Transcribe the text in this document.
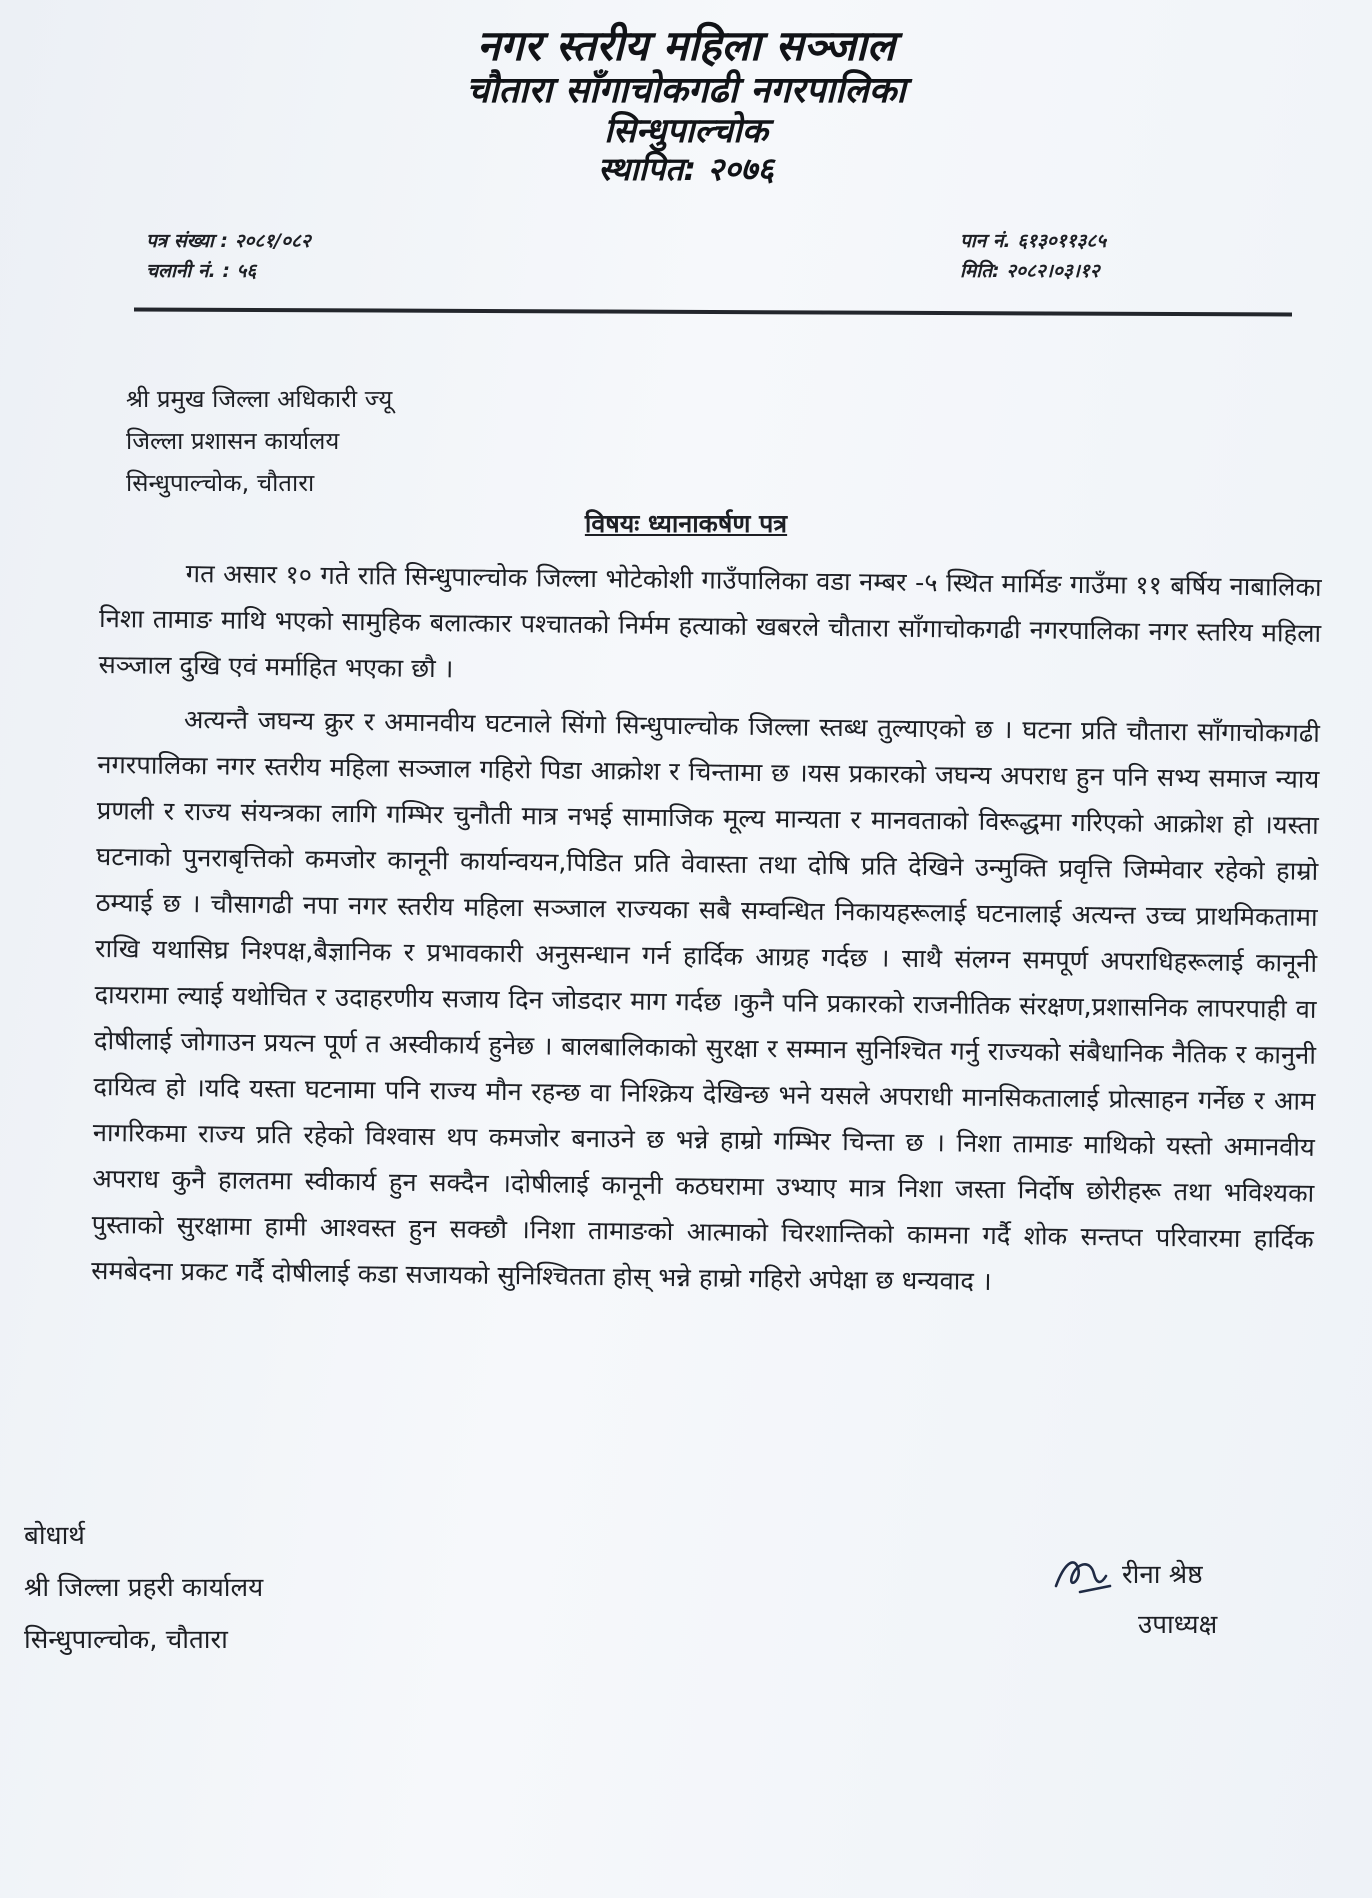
नगर स्तरीय महिला सञ्जाल
चौतारा साँगाचोकगढी नगरपालिका
सिन्धुपाल्चोक
स्थापित: २०७६
पत्र संख्या : २०८१/०८२
चलानी नं. : ५६
पान नं. ६१३०११३८५
मिति: २०८२।०३।१२
श्री प्रमुख जिल्ला अधिकारी ज्यू
जिल्ला प्रशासन कार्यालय
सिन्धुपाल्चोक, चौतारा
विषयः ध्यानाकर्षण पत्र

गत असार १० गते राति सिन्धुपाल्चोक जिल्ला भोटेकोशी गाउँपालिका वडा नम्बर -५ स्थित मार्मिङ गाउँमा ११ बर्षिय नाबालिका निशा तामाङ माथि भएको सामुहिक बलात्कार पश्चातको निर्मम हत्याको खबरले चौतारा साँगाचोकगढी नगरपालिका नगर स्तरिय महिला सञ्जाल दुखि एवं मर्माहित भएका छौ ।

अत्यन्तै जघन्य क्रुर र अमानवीय घटनाले सिंगो सिन्धुपाल्चोक जिल्ला स्तब्ध तुल्याएको छ । घटना प्रति चौतारा साँगाचोकगढी नगरपालिका नगर स्तरीय महिला सञ्जाल गहिरो पिडा आक्रोश र चिन्तामा छ ।यस प्रकारको जघन्य अपराध हुन पनि सभ्य समाज न्याय प्रणली र राज्य संयन्त्रका लागि गम्भिर चुनौती मात्र नभई सामाजिक मूल्य मान्यता र मानवताको विरूद्धमा गरिएको आक्रोश हो ।यस्ता घटनाको पुनराबृत्तिको कमजोर कानूनी कार्यान्वयन,पिडित प्रति वेवास्ता तथा दोषि प्रति देखिने उन्मुक्ति प्रवृत्ति जिम्मेवार रहेको हाम्रो ठम्याई छ । चौसागढी नपा नगर स्तरीय महिला सञ्जाल राज्यका सबै सम्वन्धित निकायहरूलाई घटनालाई अत्यन्त उच्च प्राथमिकतामा राखि यथासिघ्र निश्पक्ष,बैज्ञानिक र प्रभावकारी अनुसन्धान गर्न हार्दिक आग्रह गर्दछ । साथै संलग्न समपूर्ण अपराधिहरूलाई कानूनी दायरामा ल्याई यथोचित र उदाहरणीय सजाय दिन जोडदार माग गर्दछ ।कुनै पनि प्रकारको राजनीतिक संरक्षण,प्रशासनिक लापरपाही वा दोषीलाई जोगाउन प्रयत्न पूर्ण त अस्वीकार्य हुनेछ । बालबालिकाको सुरक्षा र सम्मान सुनिश्चित गर्नु राज्यको संबैधानिक नैतिक र कानुनी दायित्व हो ।यदि यस्ता घटनामा पनि राज्य मौन रहन्छ वा निश्क्रिय देखिन्छ भने यसले अपराधी मानसिकतालाई प्रोत्साहन गर्नेछ र आम नागरिकमा राज्य प्रति रहेको विश्वास थप कमजोर बनाउने छ भन्ने हाम्रो गम्भिर चिन्ता छ । निशा तामाङ माथिको यस्तो अमानवीय अपराध कुनै हालतमा स्वीकार्य हुन सक्दैन ।दोषीलाई कानूनी कठघरामा उभ्याए मात्र निशा जस्ता निर्दोष छोरीहरू तथा भविश्यका पुस्ताको सुरक्षामा हामी आश्वस्त हुन सक्छौ ।निशा तामाङको आत्माको चिरशान्तिको कामना गर्दै शोक सन्तप्त परिवारमा हार्दिक समबेदना प्रकट गर्दै दोषीलाई कडा सजायको सुनिश्चितता होस् भन्ने हाम्रो गहिरो अपेक्षा छ धन्यवाद ।

बोधार्थ
श्री जिल्ला प्रहरी कार्यालय
सिन्धुपाल्चोक, चौतारा
रीना श्रेष्ठ
उपाध्यक्ष
